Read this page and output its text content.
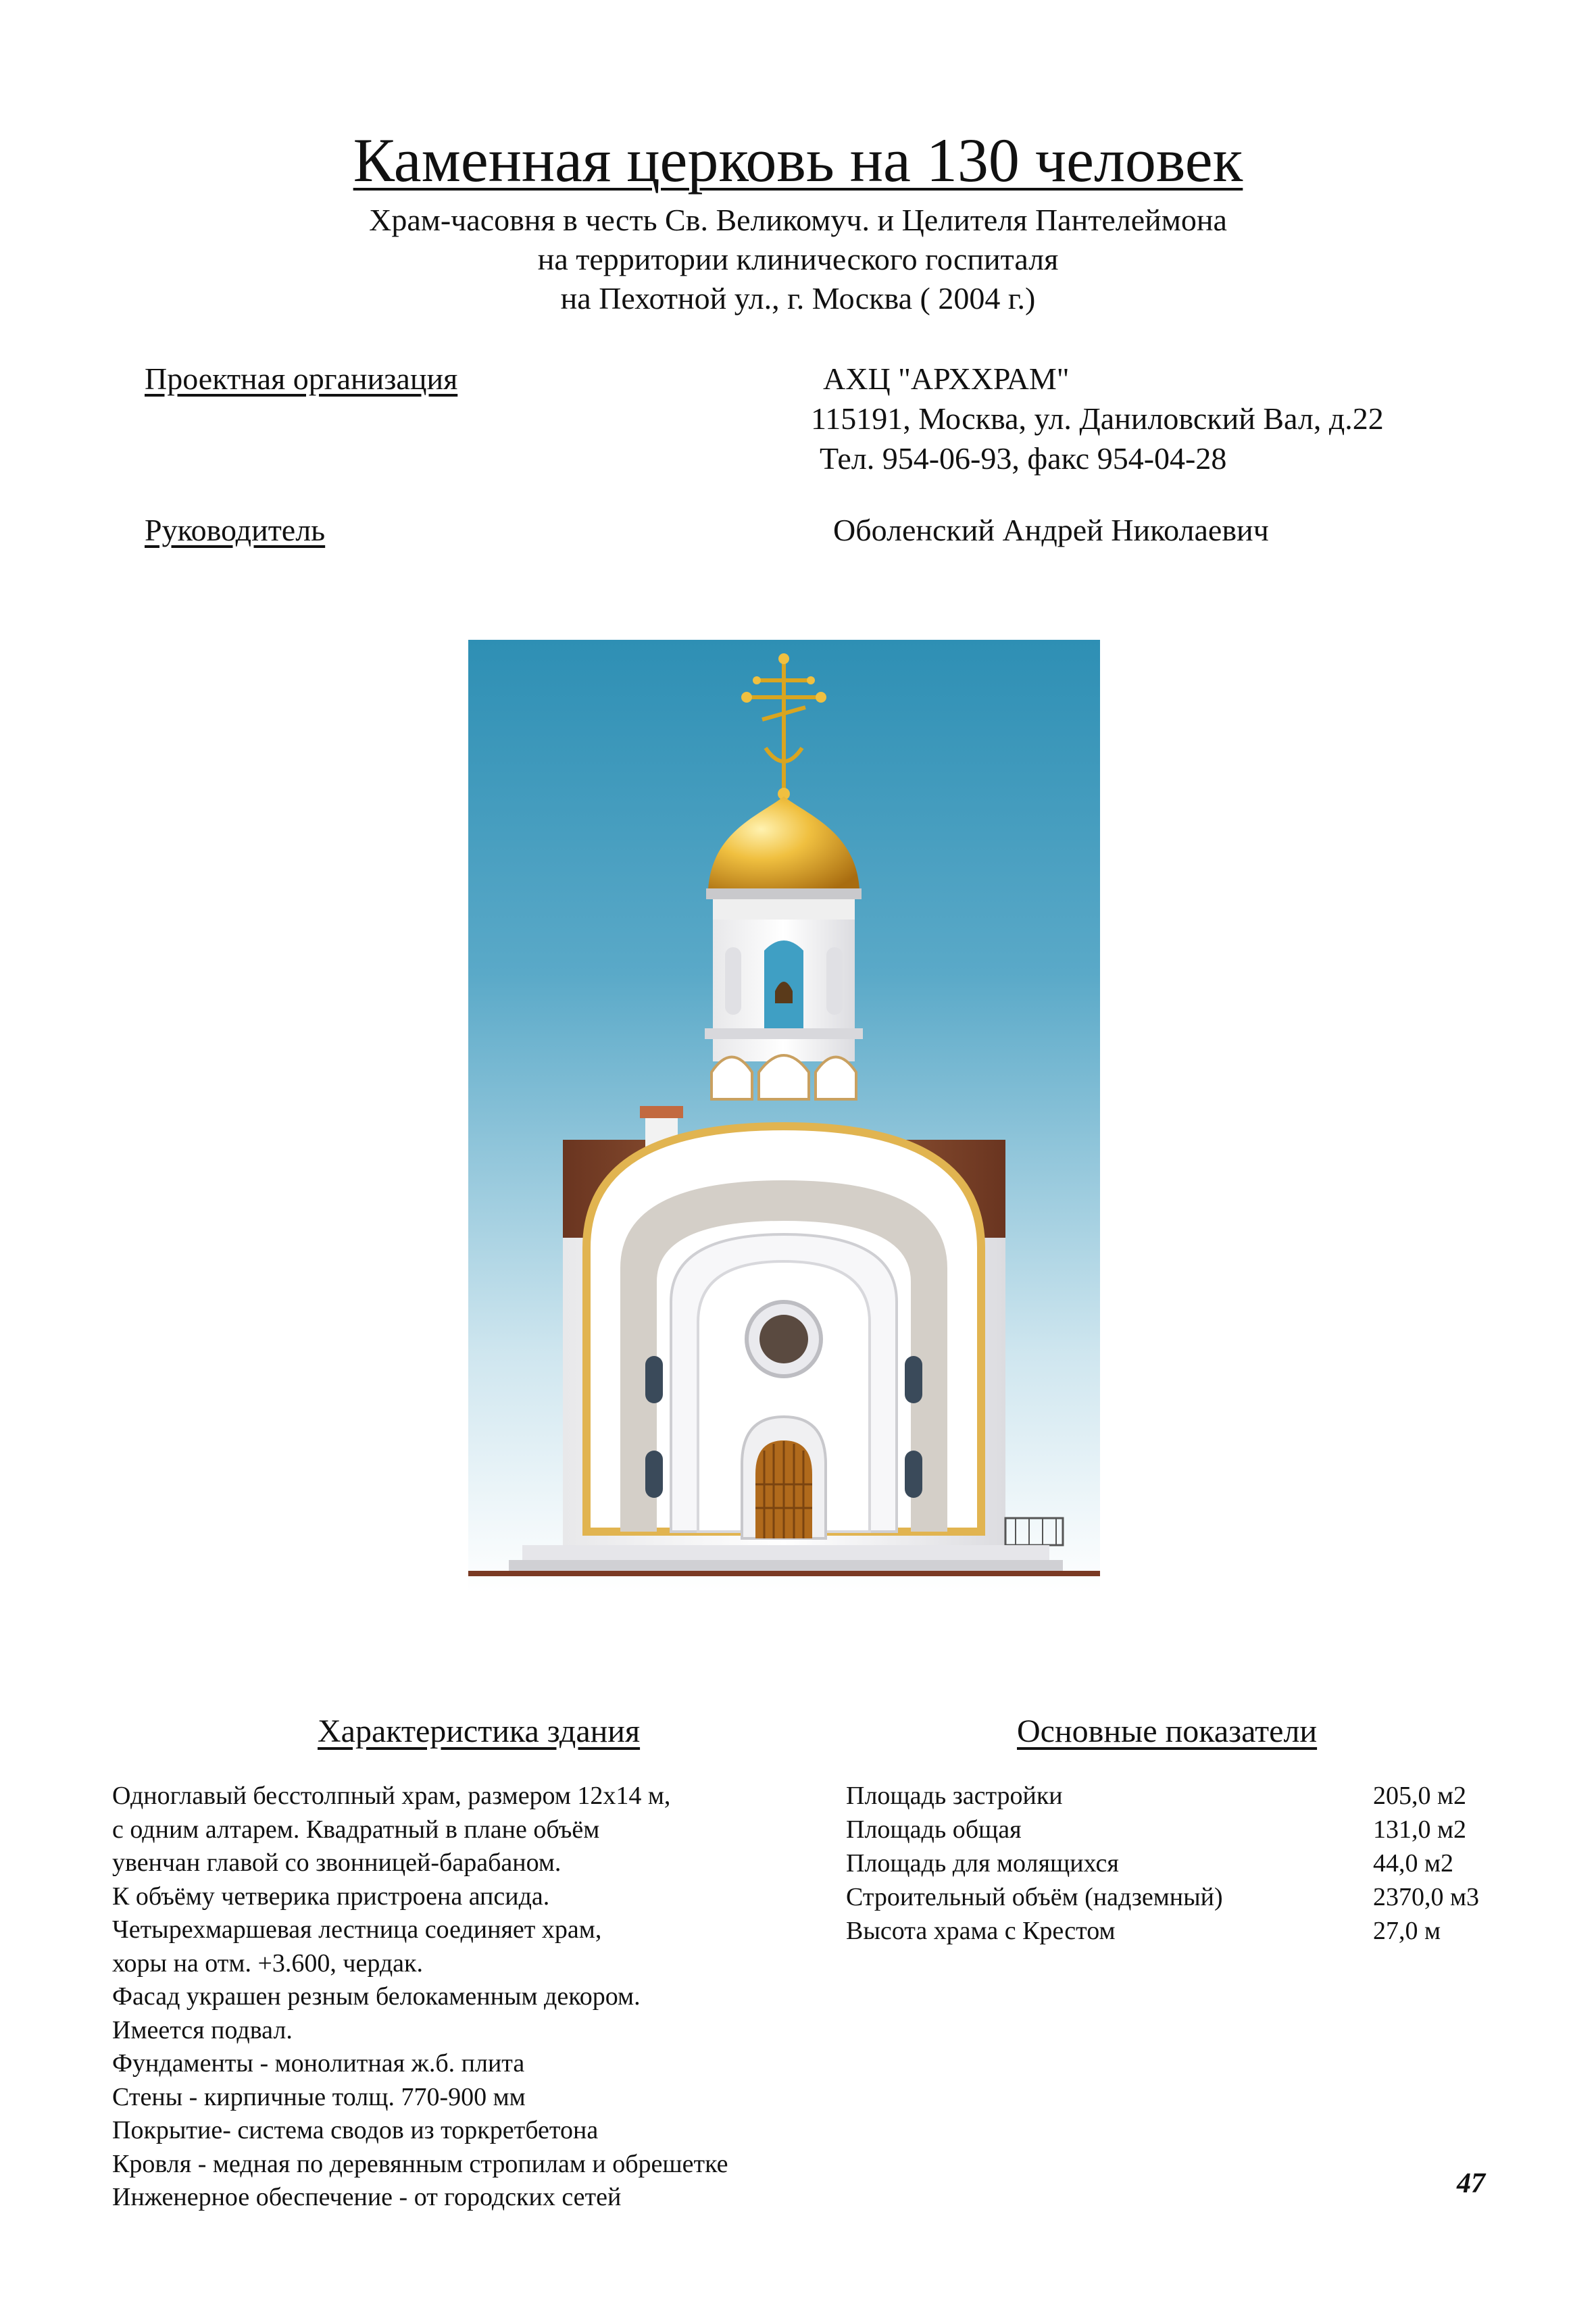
Каменная церковь на 130 человек
Храм-часовня в честь Св. Великомуч. и Целителя Пантелеймона
на территории клинического госпиталя
на Пехотной ул., г. Москва ( 2004 г.)
Проектная организация	АХЦ "АРХХРАМ"
115191, Москва, ул. Даниловский Вал, д.22
Тел. 954-06-93, факс 954-04-28
Руководитель	Оболенский Андрей Николаевич
Характеристика здания
Одноглавый бесстолпный храм, размером 12х14 м,
с одним алтарем. Квадратный в плане объём
увенчан главой со звонницей-барабаном.
К объёму четверика пристроена апсида.
Четырехмаршевая лестница соединяет храм,
хоры на отм. +3.600, чердак.
Фасад украшен резным белокаменным декором.
Имеется подвал.
Фундаменты - монолитная ж.б. плита
Стены - кирпичные толщ. 770-900 мм
Покрытие- система сводов из торкретбетона
Кровля - медная по деревянным стропилам и обрешетке
Инженерное обеспечение - от городских сетей
Основные показатели
Площадь застройки	205,0 м2
Площадь общая	131,0 м2
Площадь для молящихся	44,0 м2
Строительный объём (надземный)	2370,0 м3
Высота храма с Крестом	27,0 м
47
